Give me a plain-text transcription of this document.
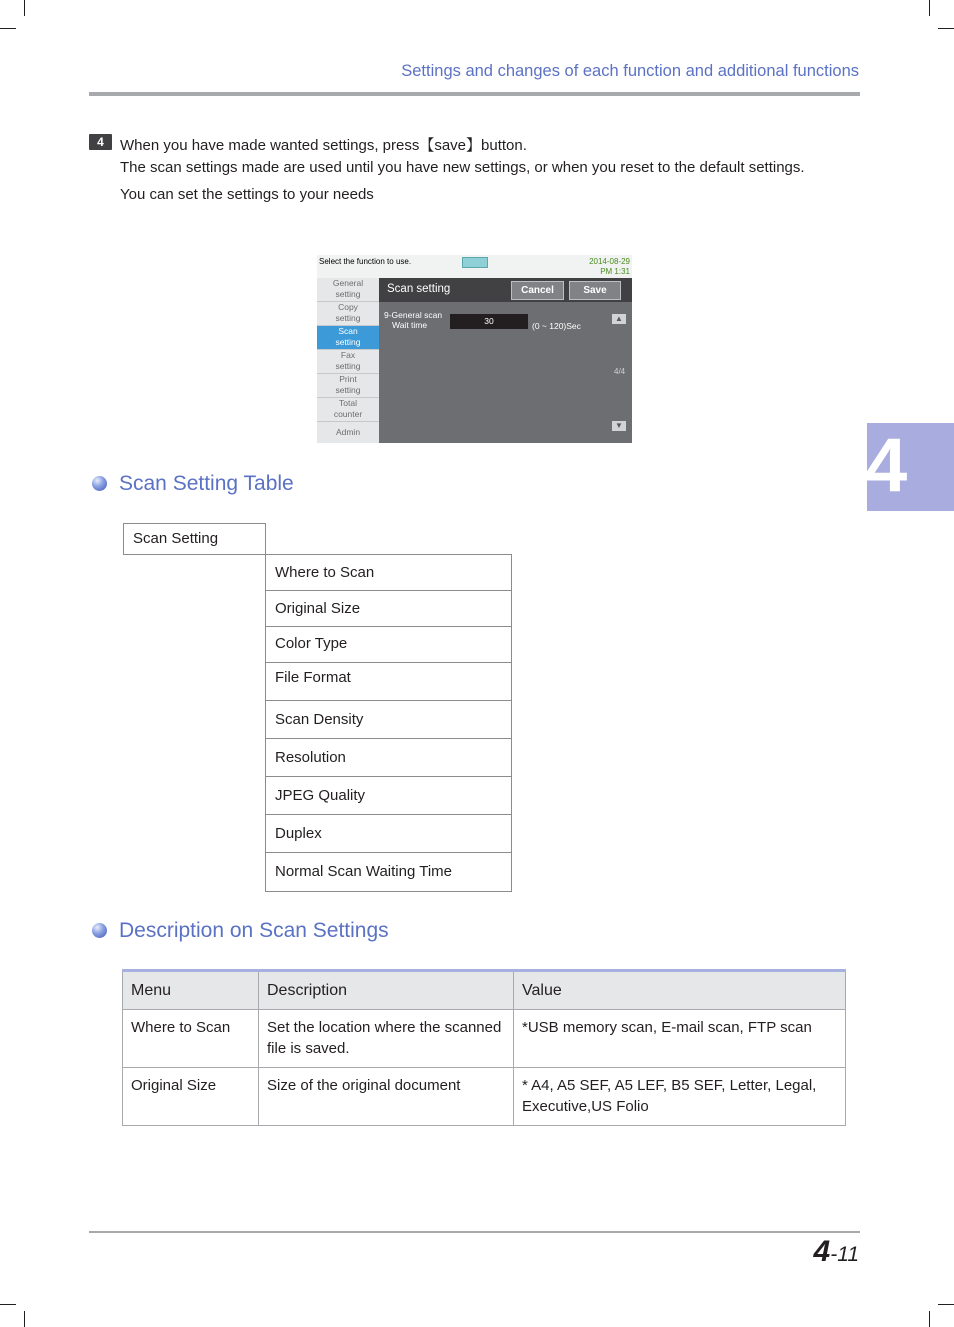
Settings and changes of each function and additional functions
4	When you have made wanted settings, press【save】button.
The scan settings made are used until you have new settings, or when you reset to the default settings.
You can set the settings to your needs
Select the function to use.	2014-08-29
PM 1:31
General
setting
Copy
setting
Scan
setting
Fax
setting
Print
setting
Total
counter
Admin
Scan setting	Cancel	Save
9-General scan
Wait time	30	(0 ~ 120)Sec
▲
4/4
▼	4
Scan Setting Table
Scan Setting
Where to Scan
Original Size
Color Type
File Format
Scan Density
Resolution
JPEG Quality
Duplex
Normal Scan Waiting Time
Description on Scan Settings
Menu	Description	Value
Where to Scan	Set the location where the scanned file is saved.	*USB memory scan, E-mail scan, FTP scan
Original Size	Size of the original document	* A4, A5 SEF, A5 LEF, B5 SEF, Letter, Legal, Executive,US Folio
4-11
